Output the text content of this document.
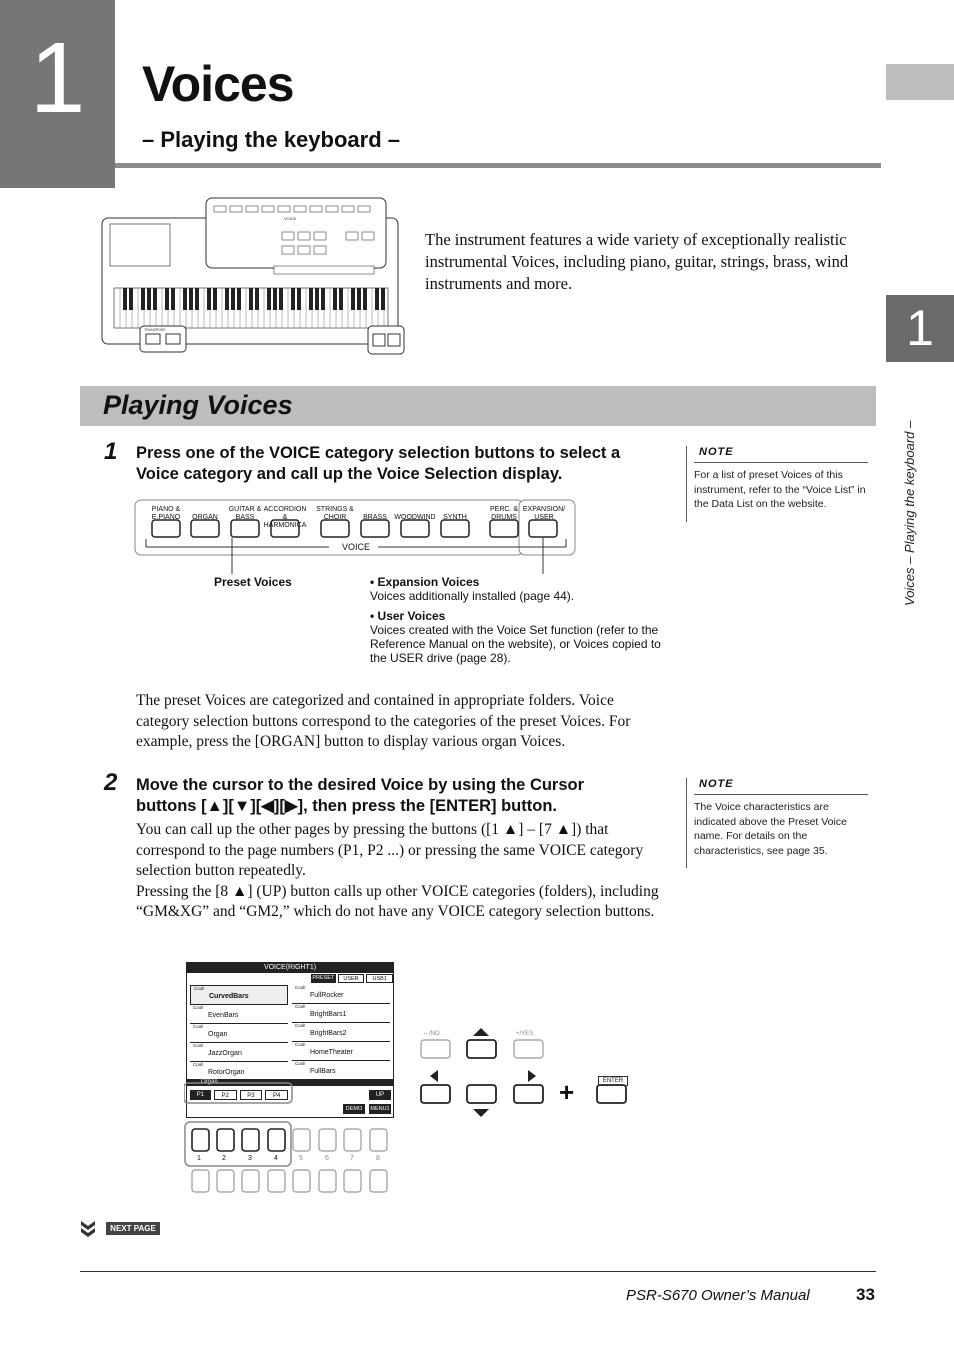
1	Voices
– Playing the keyboard –
1
Voices – Playing the keyboard –
VOICE
TRANSPOSE
The instrument features a wide variety of exceptionally realistic instrumental Voices, including piano, guitar, strings, brass, wind instruments and more.
Playing Voices
1 Press one of the VOICE category selection buttons to select a Voice category and call up the Voice Selection display.
PIANO & E.PIANO	ORGAN
GUITAR & BASS
ACCORDION & HARMONICA
STRINGS & CHOIR	BRASS	WOODWIND	SYNTH
PERC. & DRUMS
EXPANSION/ USER
VOICE
Preset Voices	• Expansion Voices
Voices additionally installed (page 44).
• User Voices
Voices created with the Voice Set function (refer to the Reference Manual on the website), or Voices copied to the USER drive (page 28).
The preset Voices are categorized and contained in appropriate folders. Voice category selection buttons correspond to the categories of the preset Voices. For example, press the [ORGAN] button to display various organ Voices.
NOTE
For a list of preset Voices of this instrument, refer to the “Voice List” in the Data List on the website.
2 Move the cursor to the desired Voice by using the Cursor buttons [▲][▼][◀][▶], then press the [ENTER] button.
You can call up the other pages by pressing the buttons ([1 ▲] – [7 ▲]) that correspond to the page numbers (P1, P2 ...) or pressing the same VOICE category selection button repeatedly.
Pressing the [8 ▲] (UP) button calls up other VOICE categories (folders), including “GM&XG” and “GM2,” which do not have any VOICE category selection buttons.
NOTE
The Voice characteristics are indicated above the Preset Voice name. For details on the characteristics, see page 35.
VOICE(RIGHT1)
PRESET	USER	USB1
Cool!
CurvedBars
Cool!
EvenBars
Cool!
Organ
Cool!
JazzOrgan
Cool!
RotorOrgan
Cool!
FullRocker
Cool!
BrightBars1
Cool!
BrightBars2
Cool!
HomeTheater
Cool!
FullBars
Organ
P1	P2	P3	P4	UP
DEMO	MENU1
1	2	3	4	5	6	7	8
– /NO	+/YES
ENTER
+
NEXT PAGE
PSR-S670 Owner’s Manual	33
